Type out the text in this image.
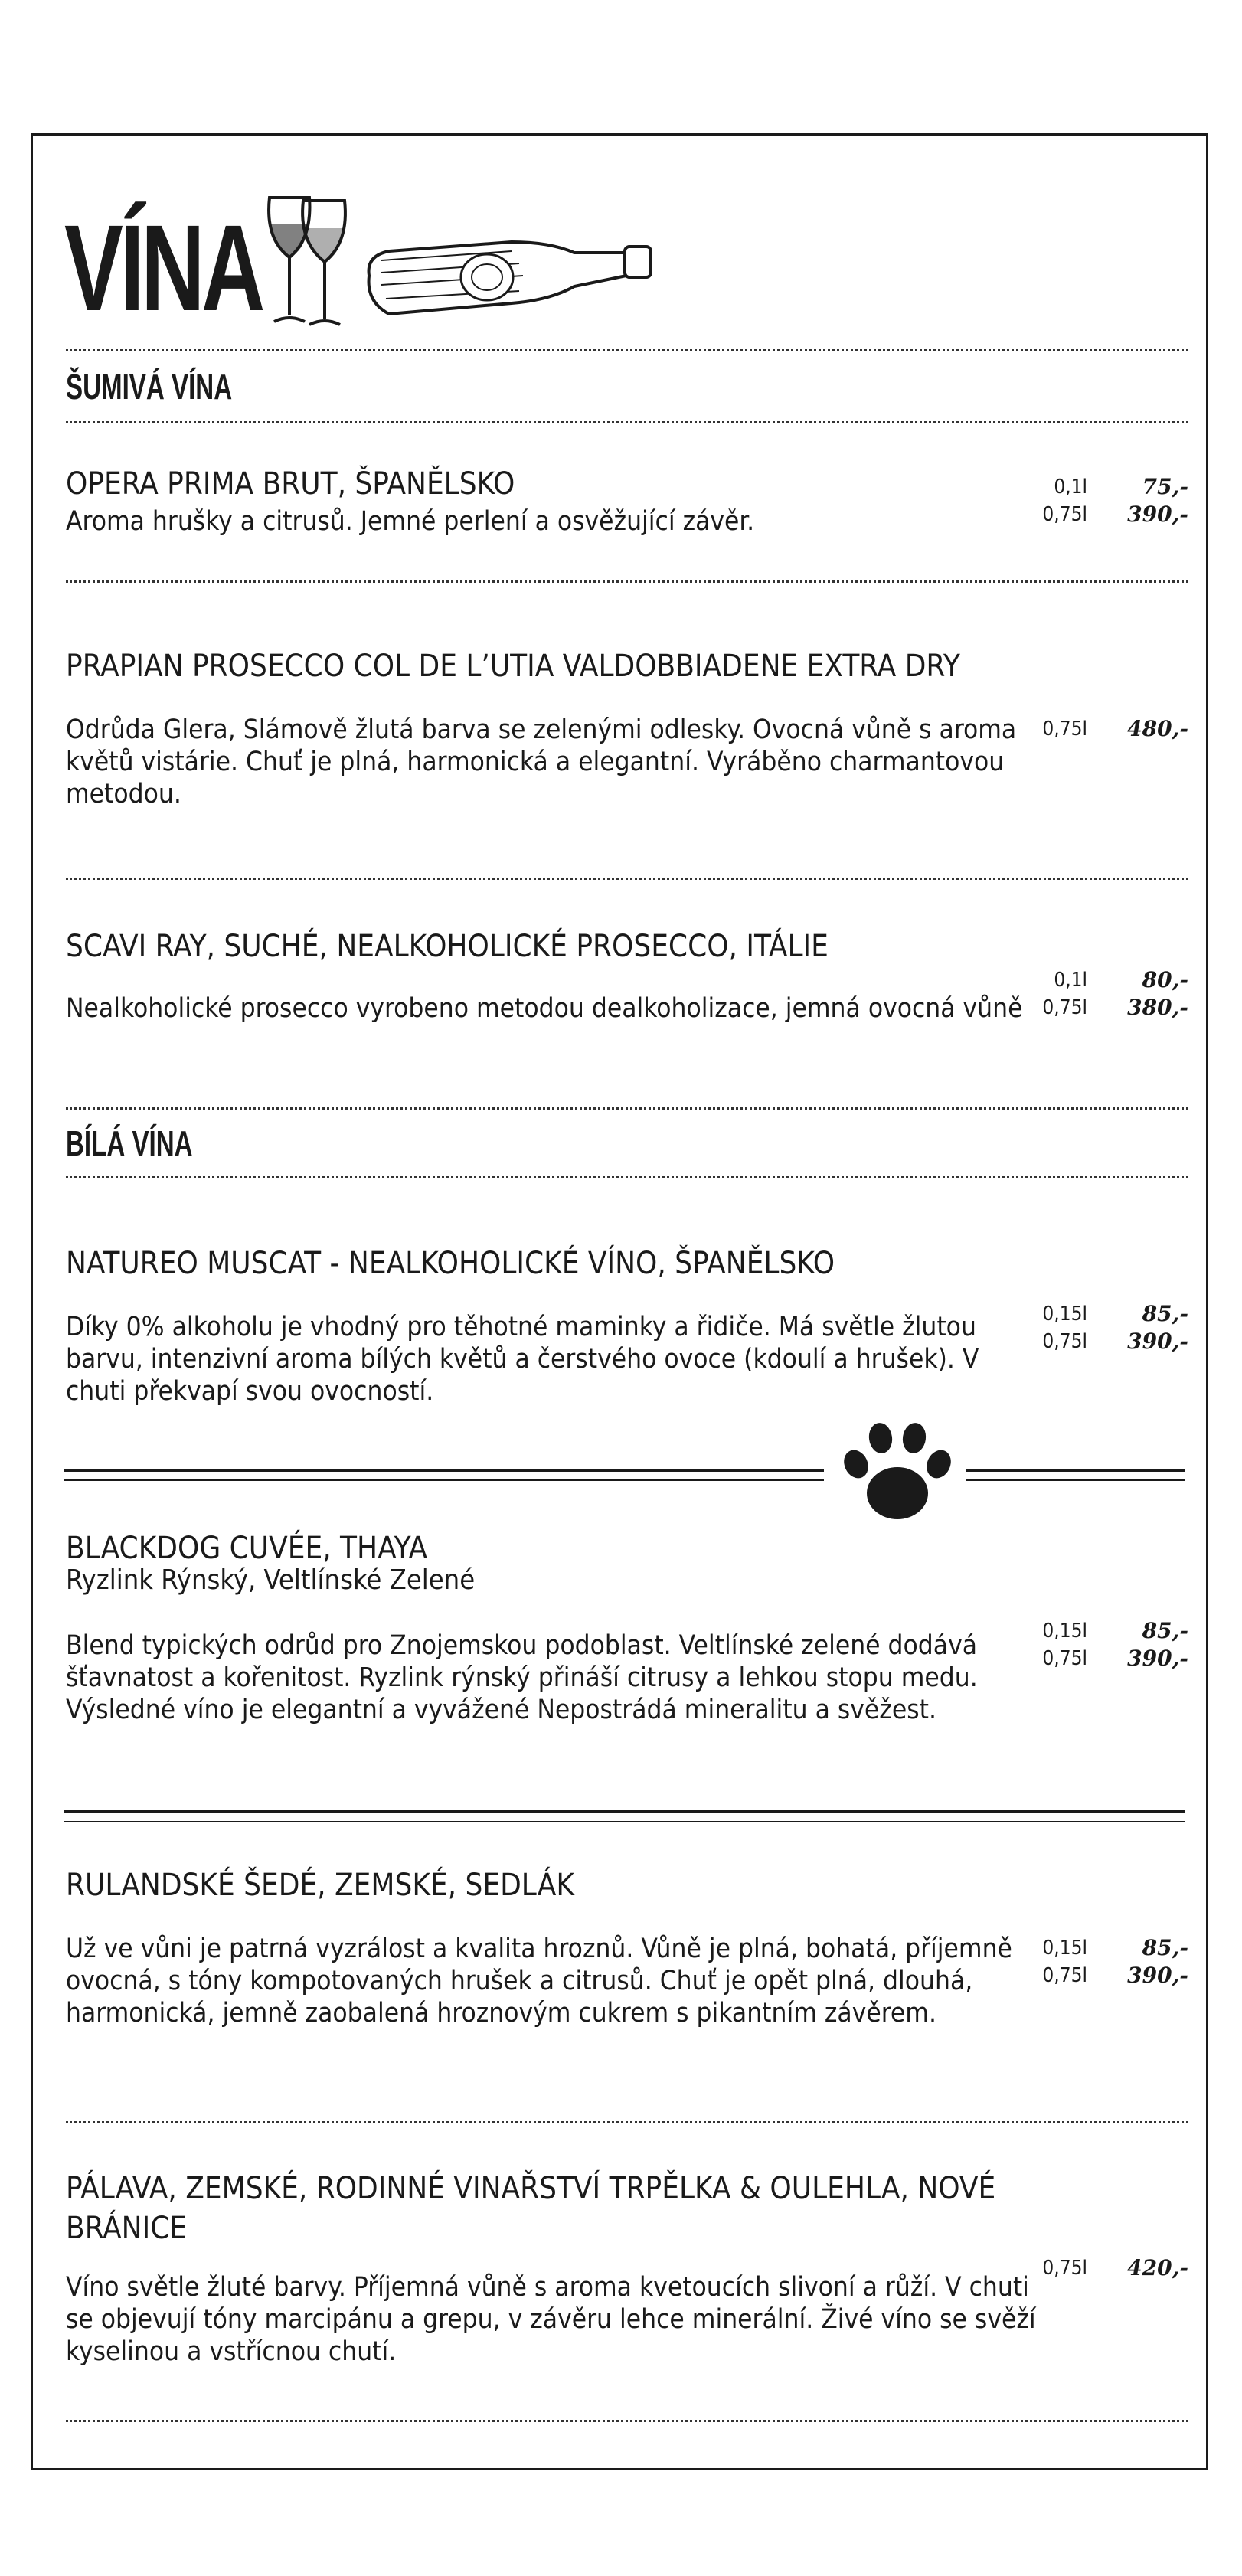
VÍNA
ŠUMIVÁ VÍNA
OPERA PRIMA BRUT, ŠPANĚLSKO
Aroma hrušky a citrusů. Jemné perlení a osvěžující závěr.
0,1l	75,-
0,75l	390,-
PRAPIAN PROSECCO COL DE L’UTIA VALDOBBIADENE EXTRA DRY
Odrůda Glera, Slámově žlutá barva se zelenými odlesky. Ovocná vůně s aroma květů vistárie. Chuť je plná, harmonická a elegantní. Vyráběno charmantovou metodou.
0,75l	480,-
SCAVI RAY, SUCHÉ, NEALKOHOLICKÉ PROSECCO, ITÁLIE
Nealkoholické prosecco vyrobeno metodou dealkoholizace, jemná ovocná vůně
0,1l	80,-
0,75l	380,-
BÍLÁ VÍNA
NATUREO MUSCAT - NEALKOHOLICKÉ VÍNO, ŠPANĚLSKO
Díky 0% alkoholu je vhodný pro těhotné maminky a řidiče. Má světle žlutou barvu, intenzivní aroma bílých květů a čerstvého ovoce (kdoulí a hrušek). V chuti překvapí svou ovocností.
0,15l	85,-
0,75l	390,-
BLACKDOG CUVÉE, THAYA
Ryzlink Rýnský, Veltlínské Zelené
Blend typických odrůd pro Znojemskou podoblast. Veltlínské zelené dodává šťavnatost a kořenitost. Ryzlink rýnský přináší citrusy a lehkou stopu medu. Výsledné víno je elegantní a vyvážené Nepostrádá mineralitu a svěžest.
0,15l	85,-
0,75l	390,-
RULANDSKÉ ŠEDÉ, ZEMSKÉ, SEDLÁK
Už ve vůni je patrná vyzrálost a kvalita hroznů. Vůně je plná, bohatá, příjemně ovocná, s tóny kompotovaných hrušek a citrusů. Chuť je opět plná, dlouhá, harmonická, jemně zaobalená hroznovým cukrem s pikantním závěrem.
0,15l	85,-
0,75l	390,-
PÁLAVA, ZEMSKÉ, RODINNÉ VINAŘSTVÍ TRPĚLKA & OULEHLA, NOVÉ BRÁNICE
Víno světle žluté barvy. Příjemná vůně s aroma kvetoucích slivoní a růží. V chuti se objevují tóny marcipánu a grepu, v závěru lehce minerální. Živé víno se svěží kyselinou a vstřícnou chutí.
0,75l	420,-
